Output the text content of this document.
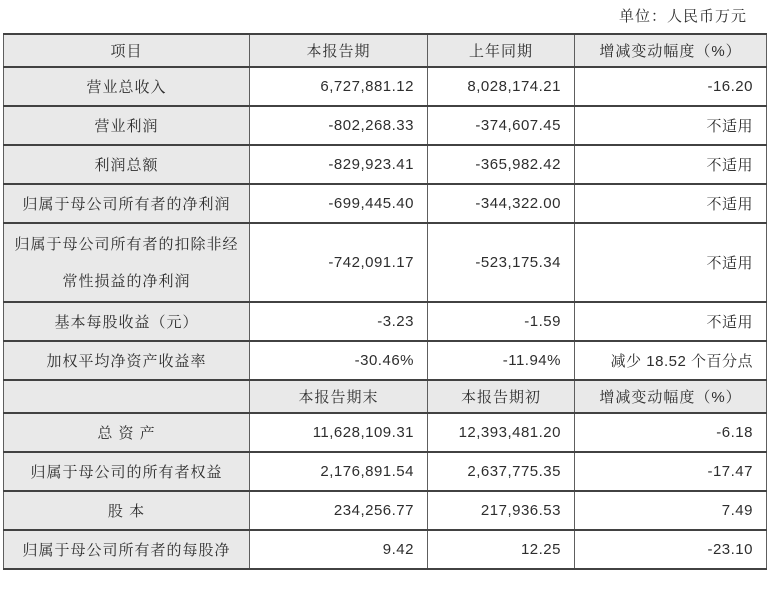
单位：人民币万元
项目	本报告期	上年同期	增减变动幅度（%）
营业总收入	6,727,881.12	8,028,174.21	-16.20
营业利润	-802,268.33	-374,607.45	不适用
利润总额	-829,923.41	-365,982.42	不适用
归属于母公司所有者的净利润	-699,445.40	-344,322.00	不适用
归属于母公司所有者的扣除非经常性损益的净利润	-742,091.17	-523,175.34	不适用
基本每股收益（元）	-3.23	-1.59	不适用
加权平均净资产收益率	-30.46%	-11.94%	减少 18.52 个百分点
	本报告期末	本报告期初	增减变动幅度（%）
总 资 产	11,628,109.31	12,393,481.20	-6.18
归属于母公司的所有者权益	2,176,891.54	2,637,775.35	-17.47
股 本	234,256.77	217,936.53	7.49
归属于母公司所有者的每股净	9.42	12.25	-23.10
